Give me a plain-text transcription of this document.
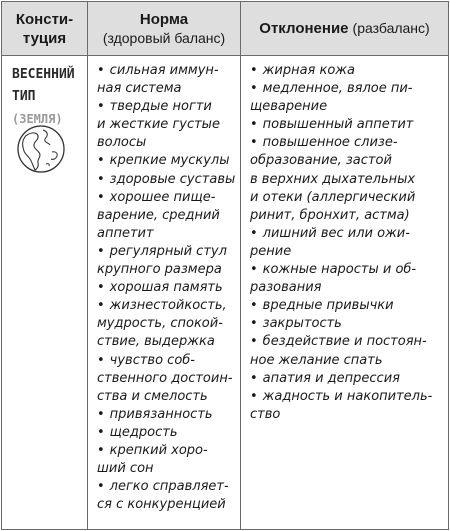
Консти-
туция
Норма
(здоровый баланс)
Отклонение (разбаланс)
ВЕСЕННИЙ
ТИП (ЗЕМЛЯ)
• сильная иммун-
ная система
• твердые ногти
и жесткие густые
волосы
• крепкие мускулы
• здоровые суставы
• хорошее пище-
варение, средний
аппетит
• регулярный стул
крупного размера
• хорошая память
• жизнестойкость,
мудрость, спокой-
ствие, выдержка
• чувство соб-
ственного достоин-
ства и смелость
• привязанность
• щедрость
• крепкий хоро-
ший сон
• легко справляет-
ся с конкуренцией
• жирная кожа
• медленное, вялое пи-
щеварение
• повышенный аппетит
• повышенное слизе-
образование, застой
в верхних дыхательных
и отеки (аллергический
ринит, бронхит, астма)
• лишний вес или ожи-
рение
• кожные наросты и об-
разования
• вредные привычки
• закрытость
• бездействие и постоян-
ное желание спать
• апатия и депрессия
• жадность и накопитель-
ство
